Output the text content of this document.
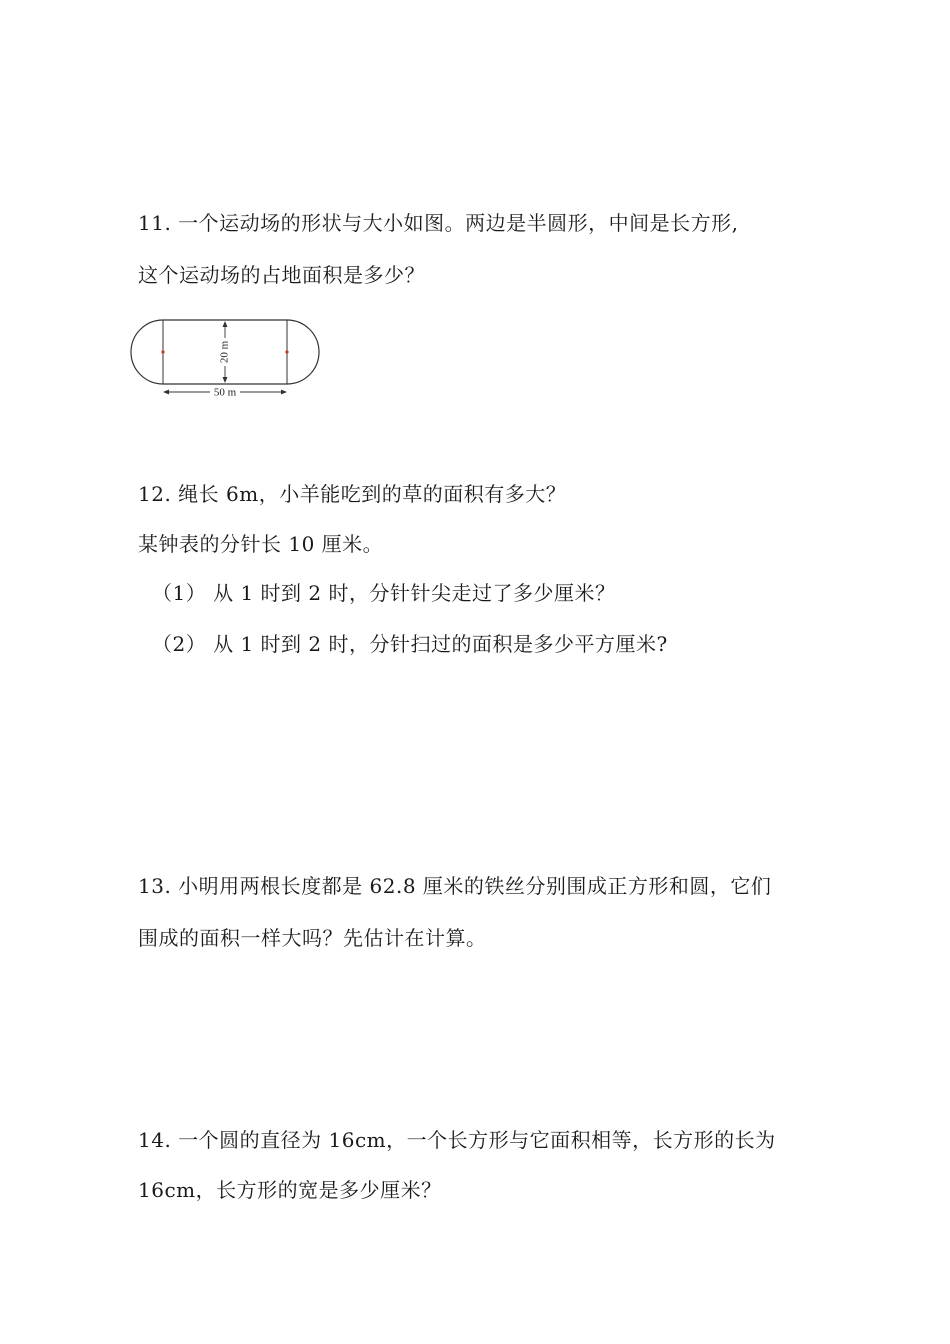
11. 一个运动场的形状与大小如图。两边是半圆形，中间是长方形,
这个运动场的占地面积是多少？
20 m
50 m
12. 绳长 6m，小羊能吃到的草的面积有多大？
某钟表的分针长 10 厘米。
（1） 从 1 时到 2 时，分针针尖走过了多少厘米？
（2） 从 1 时到 2 时，分针扫过的面积是多少平方厘米?
13. 小明用两根长度都是 62.8 厘米的铁丝分别围成正方形和圆，它们
围成的面积一样大吗？先估计在计算。
14. 一个圆的直径为 16cm，一个长方形与它面积相等，长方形的长为
16cm，长方形的宽是多少厘米？
